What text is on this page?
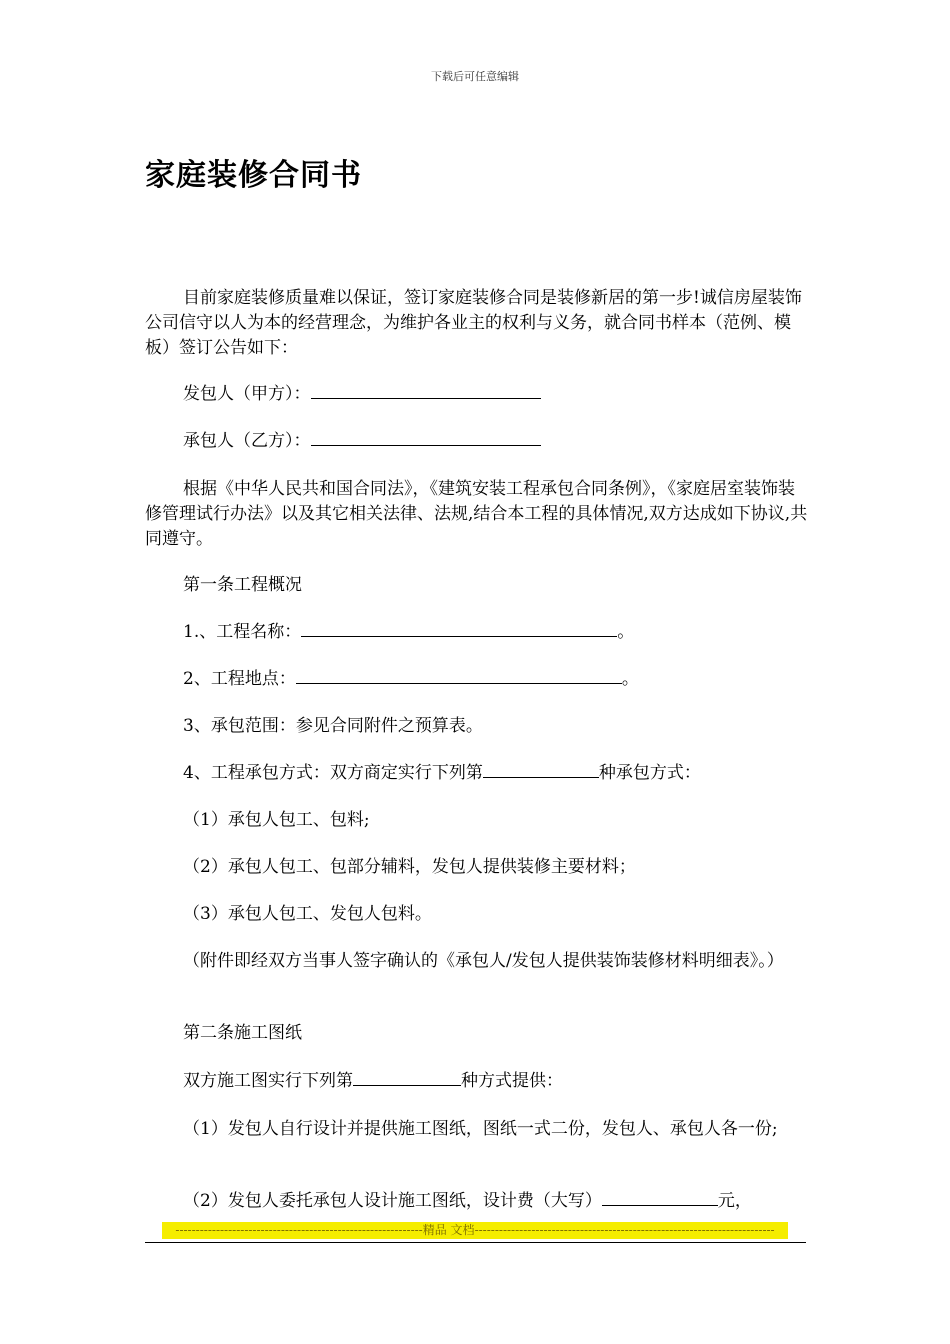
下载后可任意编辑
家庭装修合同书

目前家庭装修质量难以保证，签订家庭装修合同是装修新居的第一步!诚信房屋装饰公司信守以人为本的经营理念，为维护各业主的权利与义务，就合同书样本（范例、模板）签订公告如下：

发包人（甲方）：

承包人（乙方）：

根据《中华人民共和国合同法》，《建筑安装工程承包合同条例》，《家庭居室装饰装修管理试行办法》以及其它相关法律、法规,结合本工程的具体情况,双方达成如下协议,共同遵守。

第一条工程概况

1.、工程名称：	。

2、工程地点：	。

3、承包范围：参见合同附件之预算表。

4、工程承包方式：双方商定实行下列第	种承包方式：

（1）承包人包工、包料;

（2）承包人包工、包部分辅料，发包人提供装修主要材料；

（3）承包人包工、发包人包料。

（附件即经双方当事人签字确认的《承包人/发包人提供装饰装修材料明细表》。）

第二条施工图纸

双方施工图实行下列第	种方式提供：

（1）发包人自行设计并提供施工图纸，图纸一式二份，发包人、承包人各一份;

（2）发包人委托承包人设计施工图纸，设计费（大写）	元，

-------------------------------------------------------------精品 文档--------------------------------------------------------------------------
